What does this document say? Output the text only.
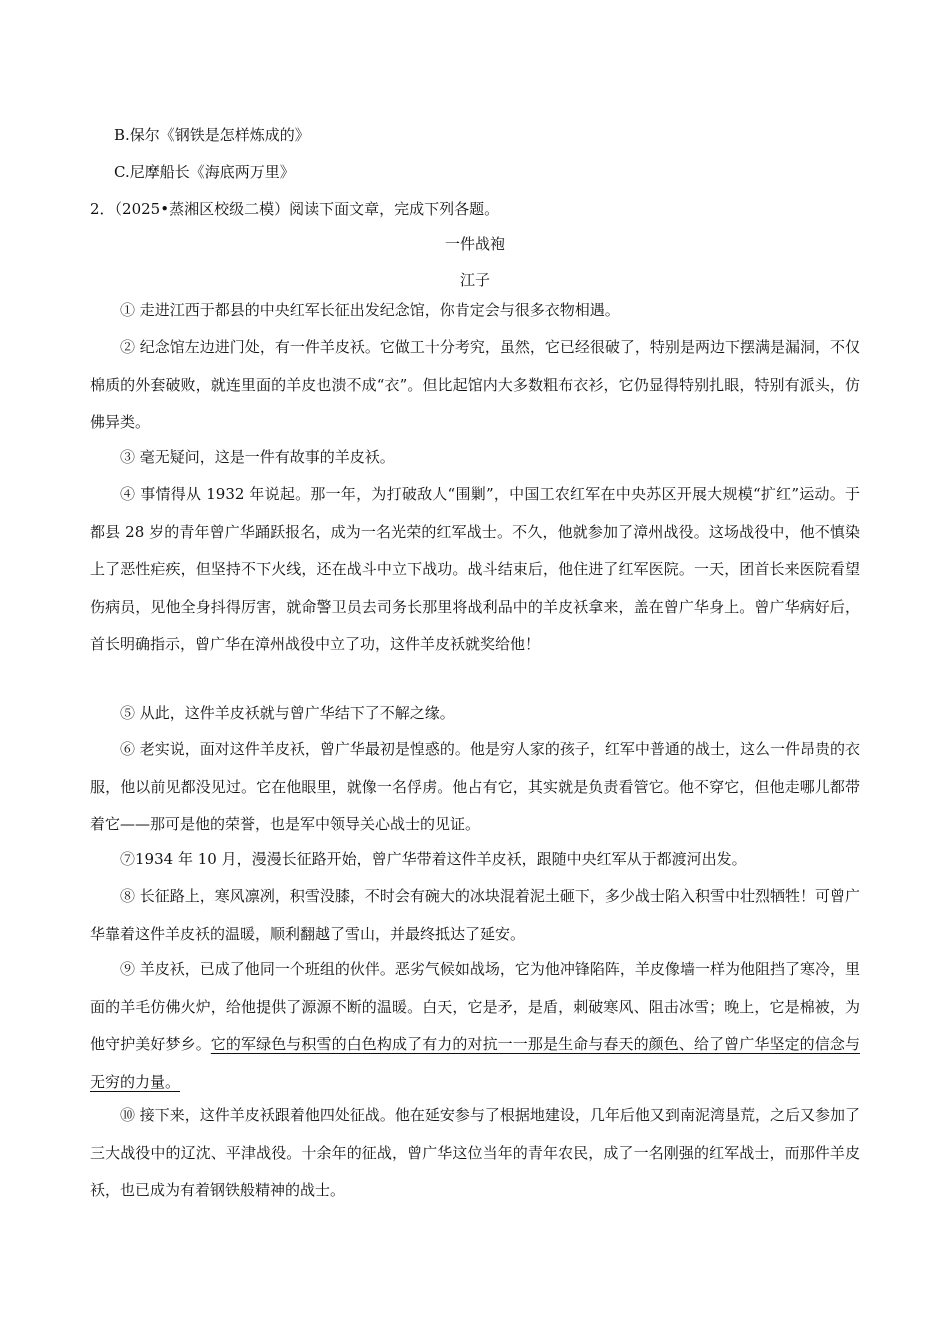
B.保尔《钢铁是怎样炼成的》
C.尼摩船长《海底两万里》
2．（2025•蒸湘区校级二模）阅读下面文章，完成下列各题。
一件战袍
江子
① 走进江西于都县的中央红军长征出发纪念馆，你肯定会与很多衣物相遇。
② 纪念馆左边进门处，有一件羊皮袄。它做工十分考究，虽然，它已经很破了，特别是两边下摆满是漏洞，不仅棉质的外套破败，就连里面的羊皮也溃不成“衣”。但比起馆内大多数粗布衣衫，它仍显得特别扎眼，特别有派头，仿佛异类。
③ 毫无疑问，这是一件有故事的羊皮袄。
④ 事情得从 1932 年说起。那一年，为打破敌人“围剿”，中国工农红军在中央苏区开展大规模“扩红”运动。于都县 28 岁的青年曾广华踊跃报名，成为一名光荣的红军战士。不久，他就参加了漳州战役。这场战役中，他不慎染上了恶性疟疾，但坚持不下火线，还在战斗中立下战功。战斗结束后，他住进了红军医院。一天，团首长来医院看望伤病员，见他全身抖得厉害，就命警卫员去司务长那里将战利品中的羊皮袄拿来，盖在曾广华身上。曾广华病好后，首长明确指示，曾广华在漳州战役中立了功，这件羊皮袄就奖给他！
⑤ 从此，这件羊皮袄就与曾广华结下了不解之缘。
⑥ 老实说，面对这件羊皮袄，曾广华最初是惶惑的。他是穷人家的孩子，红军中普通的战士，这么一件昂贵的衣服，他以前见都没见过。它在他眼里，就像一名俘虏。他占有它，其实就是负责看管它。他不穿它，但他走哪儿都带着它——那可是他的荣誉，也是军中领导关心战士的见证。
⑦1934 年 10 月，漫漫长征路开始，曾广华带着这件羊皮袄，跟随中央红军从于都渡河出发。
⑧ 长征路上，寒风凛冽，积雪没膝，不时会有碗大的冰块混着泥土砸下，多少战士陷入积雪中壮烈牺牲！可曾广华靠着这件羊皮袄的温暖，顺利翻越了雪山，并最终抵达了延安。
⑨ 羊皮袄，已成了他同一个班组的伙伴。恶劣气候如战场，它为他冲锋陷阵，羊皮像墙一样为他阻挡了寒冷，里面的羊毛仿佛火炉，给他提供了源源不断的温暖。白天，它是矛，是盾，刺破寒风、阻击冰雪；晚上，它是棉被，为他守护美好梦乡。它的军绿色与积雪的白色构成了有力的对抗一一那是生命与春天的颜色、给了曾广华坚定的信念与无穷的力量。
⑩ 接下来，这件羊皮袄跟着他四处征战。他在延安参与了根据地建设，几年后他又到南泥湾垦荒，之后又参加了三大战役中的辽沈、平津战役。十余年的征战，曾广华这位当年的青年农民，成了一名刚强的红军战士，而那件羊皮袄，也已成为有着钢铁般精神的战士。
